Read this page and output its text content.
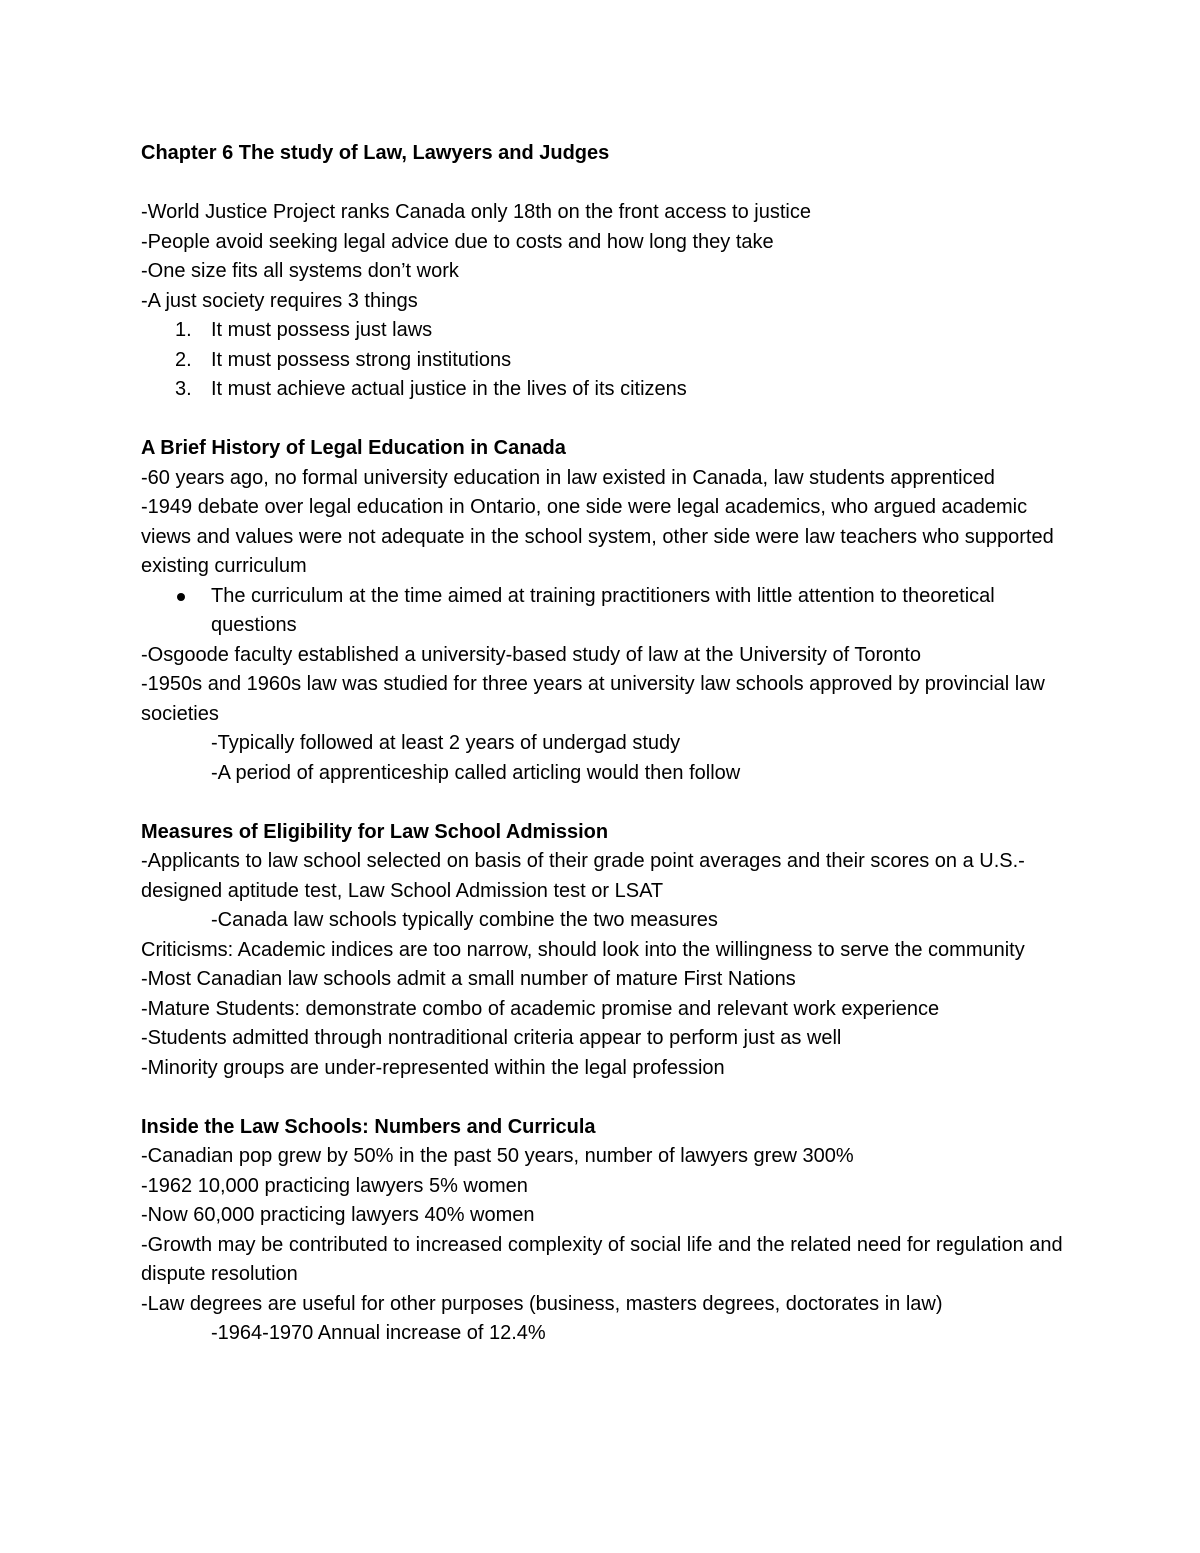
Chapter 6 The study of Law, Lawyers and Judges
-World Justice Project ranks Canada only 18th on the front access to justice
-People avoid seeking legal advice due to costs and how long they take
-One size fits all systems don’t work
-A just society requires 3 things
1. It must possess just laws
2. It must possess strong institutions
3. It must achieve actual justice in the lives of its citizens
A Brief History of Legal Education in Canada
-60 years ago, no formal university education in law existed in Canada, law students apprenticed
-1949 debate over legal education in Ontario, one side were legal academics, who argued academic views and values were not adequate in the school system, other side were law teachers who supported existing curriculum
The curriculum at the time aimed at training practitioners with little attention to theoretical questions
-Osgoode faculty established a university-based study of law at the University of Toronto
-1950s and 1960s law was studied for three years at university law schools approved by provincial law societies
-Typically followed at least 2 years of undergad study
-A period of apprenticeship called articling would then follow
Measures of Eligibility for Law School Admission
-Applicants to law school selected on basis of their grade point averages and their scores on a U.S.-designed aptitude test, Law School Admission test or LSAT
-Canada law schools typically combine the two measures
Criticisms: Academic indices are too narrow, should look into the willingness to serve the community
-Most Canadian law schools admit a small number of mature First Nations
-Mature Students: demonstrate combo of academic promise and relevant work experience
-Students admitted through nontraditional criteria appear to perform just as well
-Minority groups are under-represented within the legal profession
Inside the Law Schools: Numbers and Curricula
-Canadian pop grew by 50% in the past 50 years, number of lawyers grew 300%
-1962 10,000 practicing lawyers 5% women
-Now 60,000 practicing lawyers 40% women
-Growth may be contributed to increased complexity of social life and the related need for regulation and dispute resolution
-Law degrees are useful for other purposes (business, masters degrees, doctorates in law)
-1964-1970 Annual increase of 12.4%
